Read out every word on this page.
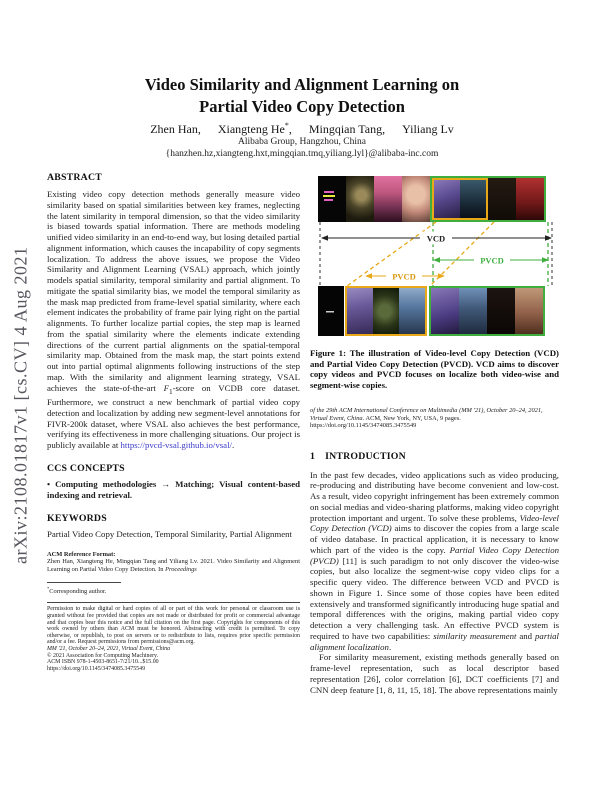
arXiv:2108.01817v1 [cs.CV] 4 Aug 2021
Video Similarity and Alignment Learning on
Partial Video Copy Detection
Zhen Han, Xiangteng He*, Mingqian Tang, Yiliang Lv
Alibaba Group, Hangzhou, China
{hanzhen.hz,xiangteng.hxt,mingqian.tmq,yiliang.lyl}@alibaba-inc.com
ABSTRACT

Existing video copy detection methods generally measure video similarity based on spatial similarities between key frames, neglecting the latent similarity in temporal dimension, so that the video similarity is biased towards spatial information. There are methods modeling unified video similarity in an end-to-end way, but losing detailed partial alignment information, which causes the incapability of copy segments localization. To address the above issues, we propose the Video Similarity and Alignment Learning (VSAL) approach, which jointly models spatial similarity, temporal similarity and partial alignment. To mitigate the spatial similarity bias, we model the temporal similarity as the mask map predicted from frame-level spatial similarity, where each element indicates the probability of frame pair lying right on the partial alignments. To further localize partial copies, the step map is learned from the spatial similarity where the elements indicate extending directions of the current partial alignments on the spatial-temporal similarity map. Obtained from the mask map, the start points extend out into partial optimal alignments following instructions of the step map. With the similarity and alignment learning strategy, VSAL achieves the state-of-the-art $F_1$-score on VCDB core dataset. Furthermore, we construct a new benchmark of partial video copy detection and localization by adding new segment-level annotations for FIVR-200k dataset, where VSAL also achieves the best performance, verifying its effectiveness in more challenging situations. Our project is publicly available at https://pvcd-vsal.github.io/vsal/.

CCS CONCEPTS

• Computing methodologies → Matching; Visual content-based indexing and retrieval.

KEYWORDS

Partial Video Copy Detection, Temporal Similarity, Partial Alignment

ACM Reference Format:
Zhen Han, Xiangteng He, Mingqian Tang and Yiliang Lv. 2021. Video Similarity and Alignment Learning on Partial Video Copy Detection. In Proceedings

*Corresponding author.

Permission to make digital or hard copies of all or part of this work for personal or classroom use is granted without fee provided that copies are not made or distributed for profit or commercial advantage and that copies bear this notice and the full citation on the first page. Copyrights for components of this work owned by others than ACM must be honored. Abstracting with credit is permitted. To copy otherwise, or republish, to post on servers or to redistribute to lists, requires prior specific permission and/or a fee. Request permissions from permissions@acm.org.

MM '21, October 20–24, 2021, Virtual Event, China

© 2021 Association for Computing Machinery.

ACM ISBN 978-1-4503-8651-7/21/10...$15.00

https://doi.org/10.1145/3474085.3475549

VCD
PVCD
PVCD

Figure 1: The illustration of Video-level Copy Detection (VCD) and Partial Video Copy Detection (PVCD). VCD aims to discover copy videos and PVCD focuses on localize both video-wise and segment-wise copies.

of the 29th ACM International Conference on Multimedia (MM '21), October 20–24, 2021, Virtual Event, China. ACM, New York, NY, USA, 9 pages.
https://doi.org/10.1145/3474085.3475549

1 INTRODUCTION

In the past few decades, video applications such as video producing, re-producing and distributing have become convenient and low-cost. As a result, video copyright infringement has been extremely common on social medias and video-sharing platforms, making video copyright protection important and urgent. To solve these problems, Video-level Copy Detection (VCD) aims to discover the copies from a large scale of video database. In practical application, it is necessary to know which part of the video is the copy. Partial Video Copy Detection (PVCD) [11] is such paradigm to not only discover the video-wise copies, but also localize the segment-wise copy video clips for a specific query video. The difference between VCD and PVCD is shown in Figure 1. Since some of those copies have been edited extensively and transformed significantly introducing huge spatial and temporal differences with the origins, making partial video copy detection a very challenging task. An effective PVCD system is required to have two capabilities: similarity measurement and partial alignment localization.

For similarity measurement, existing methods generally based on frame-level representation, such as local descriptor based representation [26], color correlation [6], DCT coefficients [7] and CNN deep feature [1, 8, 11, 15, 18]. The above representations mainly
